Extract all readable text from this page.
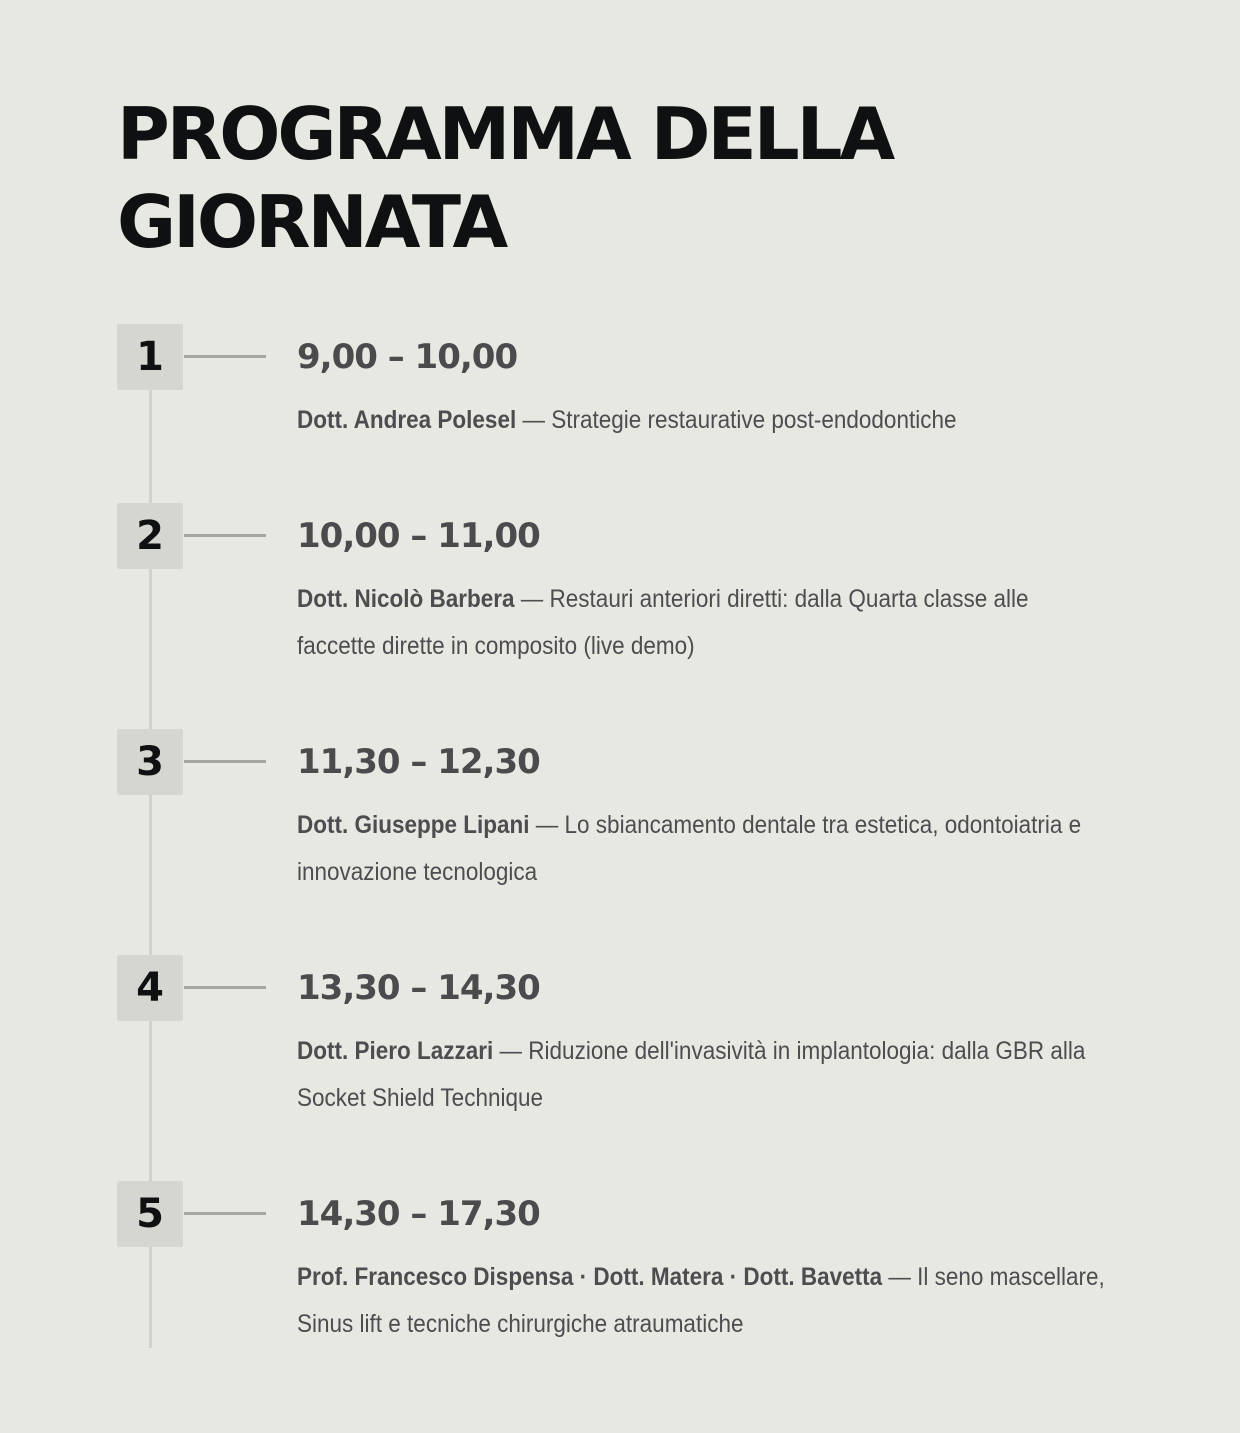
PROGRAMMA DELLA GIORNATA
1	9,00 – 10,00
Dott. Andrea Polesel — Strategie restaurative post-endodontiche
2	10,00 – 11,00
Dott. Nicolò Barbera — Restauri anteriori diretti: dalla Quarta classe alle faccette dirette in composito (live demo)
3	11,30 – 12,30
Dott. Giuseppe Lipani — Lo sbiancamento dentale tra estetica, odontoiatria e innovazione tecnologica
4	13,30 – 14,30
Dott. Piero Lazzari — Riduzione dell'invasività in implantologia: dalla GBR alla Socket Shield Technique
5	14,30 – 17,30
Prof. Francesco Dispensa · Dott. Matera · Dott. Bavetta — Il seno mascellare, Sinus lift e tecniche chirurgiche atraumatiche
